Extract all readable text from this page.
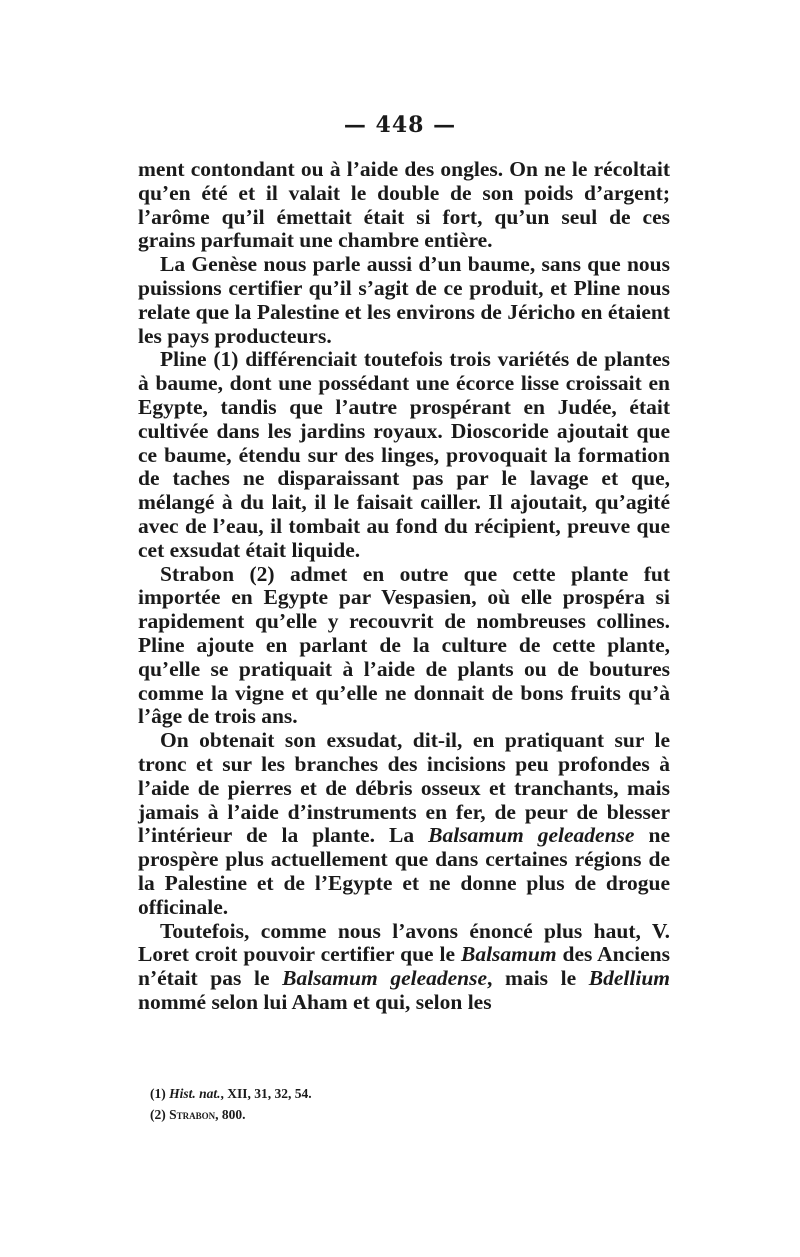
— 448 —

ment contondant ou à l’aide des ongles. On ne le récoltait qu’en été et il valait le double de son poids d’argent; l’arôme qu’il émettait était si fort, qu’un seul de ces grains parfumait une chambre entière.

La Genèse nous parle aussi d’un baume, sans que nous puissions certifier qu’il s’agit de ce produit, et Pline nous relate que la Palestine et les environs de Jéricho en étaient les pays producteurs.

Pline (1) différenciait toutefois trois variétés de plantes à baume, dont une possédant une écorce lisse croissait en Egypte, tandis que l’autre prospérant en Judée, était cultivée dans les jardins royaux. Dioscoride ajoutait que ce baume, étendu sur des linges, provoquait la formation de taches ne disparaissant pas par le lavage et que, mélangé à du lait, il le faisait cailler. Il ajoutait, qu’agité avec de l’eau, il tombait au fond du récipient, preuve que cet exsudat était liquide.

Strabon (2) admet en outre que cette plante fut importée en Egypte par Vespasien, où elle prospéra si rapidement qu’elle y recouvrit de nombreuses collines. Pline ajoute en parlant de la culture de cette plante, qu’elle se pratiquait à l’aide de plants ou de boutures comme la vigne et qu’elle ne donnait de bons fruits qu’à l’âge de trois ans.

On obtenait son exsudat, dit-il, en pratiquant sur le tronc et sur les branches des incisions peu profondes à l’aide de pierres et de débris osseux et tranchants, mais jamais à l’aide d’instruments en fer, de peur de blesser l’intérieur de la plante. La Balsamum geleadense ne prospère plus actuellement que dans certaines régions de la Palestine et de l’Egypte et ne donne plus de drogue officinale.

Toutefois, comme nous l’avons énoncé plus haut, V. Loret croit pouvoir certifier que le Balsamum des Anciens n’était pas le Balsamum geleadense, mais le Bdellium nommé selon lui Aham et qui, selon les

(1) Hist. nat., XII, 31, 32, 54.
(2) Strabon, 800.
